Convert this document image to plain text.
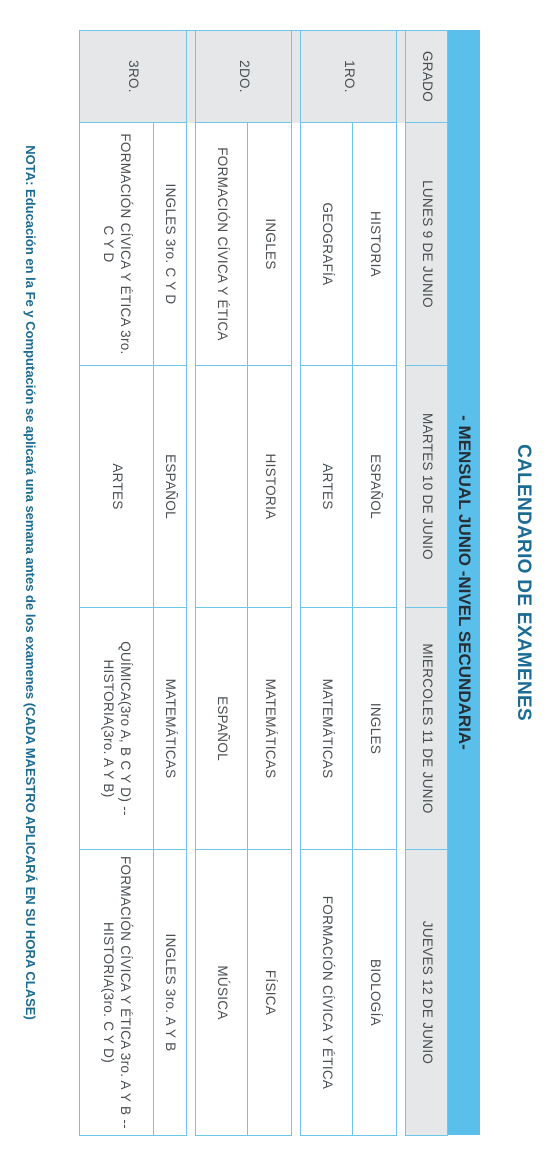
CALENDARIO DE EXAMENES
- MENSUAL JUNIO -NIVEL SECUNDARIA-
GRADO	LUNES 9 DE JUNIO	MARTES 10 DE JUNIO	MIERCOLES 11 DE JUNIO	JUEVES 12 DE JUNIO

1RO.	HISTORIA	ESPAÑOL	INGLES	BIOLOGÍA
	GEOGRAFÍA	ARTES	MATEMÁTICAS	FORMACIÓN CÍVICA Y ÉTICA

2DO.	INGLES	HISTORIA	MATEMÁTICAS	FÍSICA
	FORMACIÓN CÍVICA Y ÉTICA		ESPAÑOL	MÚSICA

3RO.	INGLES 3ro. C Y D	ESPAÑOL	MATEMÁTICAS	INGLES 3ro. A Y B
	FORMACIÓN CÍVICA Y ÉTICA 3ro. C Y D	ARTES	QUÍMICA(3ro A, B C Y D) -- HISTORIA(3ro. A Y B)	FORMACIÓN CÍVICA Y ÉTICA 3ro. A Y B -- HISTORIA(3ro. C Y D)
NOTA: Educación en la Fe y Computación se aplicará una semana antes de los examenes (CADA MAESTRO APLICARÁ EN SU HORA CLASE)
